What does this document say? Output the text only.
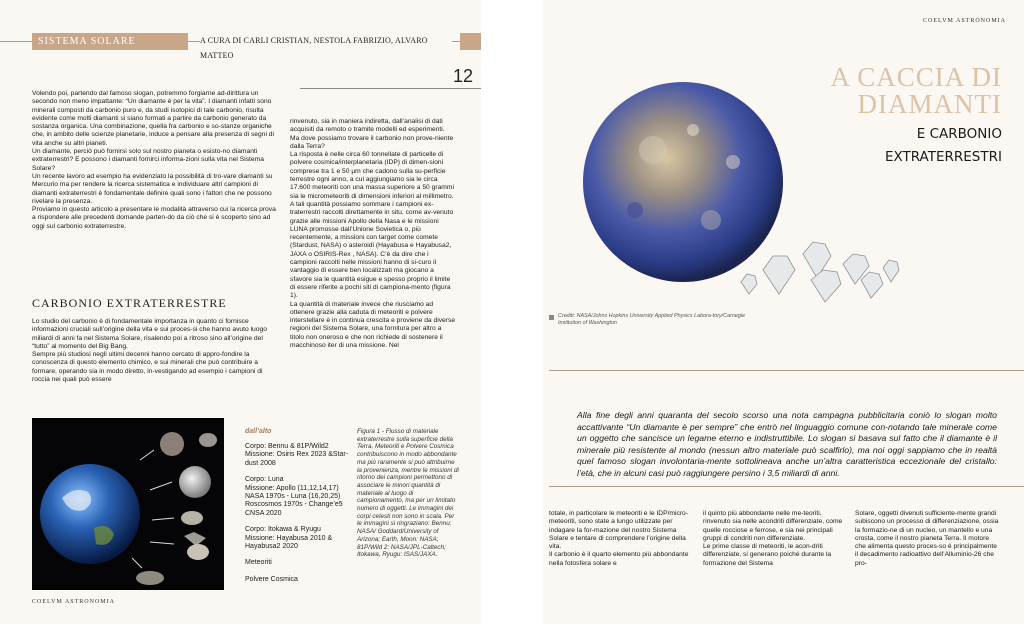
SISTEMA SOLARE	A CURA DI CARLI CRISTIAN, NESTOLA FABRIZIO, ALVARO MATTEO
12

Volendo poi, partendo dal famoso slogan, potremmo forgiarne ad-dirittura un secondo non meno impattante: “Un diamante è per la vita”. I diamanti infatti sono minerali composti da carbonio puro e, da studi isotopici di tale carbonio, risulta evidente come molti diamanti si siano formati a partire da carbonio generato da sostanza organica. Una combinazione, quella fra carbonio e so-stanze organiche che, in ambito delle scienze planetarie, induce a pensare alla presenza di segni di vita anche su altri pianeti.

Un diamante, perciò può fornirsi solo sul nostro pianeta o esisto-no diamanti extraterrestri? E possono i diamanti fornirci informa-zioni sulla vita nel Sistema Solare?

Un recente lavoro ad esempio ha evidenziato la possibilità di tro-vare diamanti su Mercurio ma per rendere la ricerca sistematica e individuare altri campioni di diamanti extraterrestri è fondamentale definire quali sono i fattori che ne possono rivelare la presenza.

Proviamo in questo articolo a presentare le modalità attraverso cui la ricerca prova a rispondere alle precedenti domande parten-do da ciò che si è scoperto sino ad oggi sul carbonio extraterrestre.

CARBONIO EXTRATERRESTRE

Lo studio del carbonio è di fondamentale importanza in quanto ci fornisce informazioni cruciali sull’origine della vita e sui proces-si che hanno avuto luogo miliardi di anni fa nel Sistema Solare, risalendo poi a ritroso sino all’origine del “tutto” al momento del Big Bang.

Sempre più studiosi negli ultimi decenni hanno cercato di appro-fondire la conoscenza di questo elemento chimico, e sui minerali che può contribuire a formare, operando sia in modo diretto, in-vestigando ad esempio i campioni di roccia nei quali può essere

rinvenuto, sia in maniera indiretta, dall’analisi di dati acquisiti da remoto o tramite modelli ed esperimenti.

Ma dove possiamo trovare il carbonio non prove-niente dalla Terra?

La risposta è nelle circa 60 tonnellate di particelle di polvere cosmica/interplanetaria (IDP) di dimen-sioni comprese tra 1 e 50 µm che cadono sulla su-perficie terrestre ogni anno, a cui aggiungiamo sia le circa 17.600 meteoriti con una massa superiore a 50 grammi sia le micrometeoriti di dimensioni inferiori al millimetro.

A tali quantità possiamo sommare i campioni ex-traterrestri raccolti direttamente in situ, come av-venuto grazie alle missioni Apollo della Nasa e le missioni LUNA promosse dall’Unione Sovietica o, più recentemente, a missioni con target come comete (Stardust, NASA) o asteroidi (Hayabusa e Hayabusa2, JAXA o OSIRIS-Rex , NASA). C’è da dire che i campioni raccolti nelle missioni hanno di si-curo il vantaggio di essere ben localizzati ma giocano a sfavore sia le quantità esigue e spesso proprio il limite di essere riferite a pochi siti di campiona-mento (figura 1).

La quantità di materiale invece che riusciamo ad ottenere grazie alla caduta di meteoriti e polvere interstellare è in continua crescita e proviene da diverse regioni del Sistema Solare, una fornitura per altro a titolo non oneroso e che non richiede di sostenere il macchinoso iter di una missione. Nel

dall’alto
Corpo: Bennu & 81P/Wild2
Missione: Osiris Rex 2023 &Star-dust 2008
Corpo: Luna
Missione: Apollo (11,12,14,17)
NASA 1970s - Luna (16,20,25)
Roscosmos 1970s - Change’e5
CNSA 2020
Corpo: Itokawa & Ryugu
Missione: Hayabusa 2010 &
Hayabusa2 2020
Meteoriti
Polvere Cosmica
Figura 1 - Flusso di materiale extraterrestre sulla superficie della Terra, Meteoriti e Polvere Cosmica contribuiscono in modo abbondante ma più raramente si può attribuirne la provenienza, mentre le missioni di ritorno dei campioni permettono di associare le minori quantità di materiale al luogo di campionamento, ma per un limitato numero di oggetti. Le immagini dei corpi celesti non sono in scala. Per le immagini si ringraziano: Bennu: NASA/ Goddard/University of Arizona; Earth, Moon: NASA; 81P/Wild 2: NASA/JPL-Caltech; Itokawa, Ryugu: ISAS/JAXA.
COELVM ASTRONOMIA
COELVM ASTRONOMIA
Crediti: NASA/Johns Hopkins University Applied Physics Labora-tory/Carnegie Institution of Washington
A CACCIA DI
DIAMANTI
E CARBONIO
EXTRATERRESTRI
Alla fine degli anni quaranta del secolo scorso una nota campagna pubblicitaria coniò lo slogan molto accattivante “Un diamante è per sempre” che entrò nel linguaggio comune con-notando tale minerale come un oggetto che sancisce un legame eterno e indistruttibile. Lo slogan si basava sul fatto che il diamante è il minerale più resistente al mondo (nessun altro materiale può scalfirlo), ma noi oggi sappiamo che in realtà quel famoso slogan involontaria-mente sottolineava anche un’altra caratteristica eccezionale del cristallo: l’età, che in alcuni casi può raggiungere persino i 3,5 miliardi di anni.

totale, in particolare le meteoriti e le IDP/micro-meteoriti, sono state a lungo utilizzate per indagare la for-mazione del nostro Sistema Solare e tentare di comprendere l’origine della vita.

Il carbonio è il quarto elemento più abbondante nella fotosfera solare e

il quinto più abbondante nelle me-teoriti, rinvenuto sia nelle acondriti differenziate, come quelle rocciose e ferrose, e sia nei principali gruppi di condriti non differenziate.

Le prime classe di meteoriti, le acon-driti differenziate, si generano poiché durante la formazione del Sistema

Solare, oggetti divenuti sufficiente-mente grandi subiscono un processo di differenziazione, ossia la formazio-ne di un nucleo, un mantello e una crosta, come il nostro pianeta Terra. Il motore che alimenta questo proces-so è principalmente il decadimento radioattivo dell’Alluminio-26 che pro-
